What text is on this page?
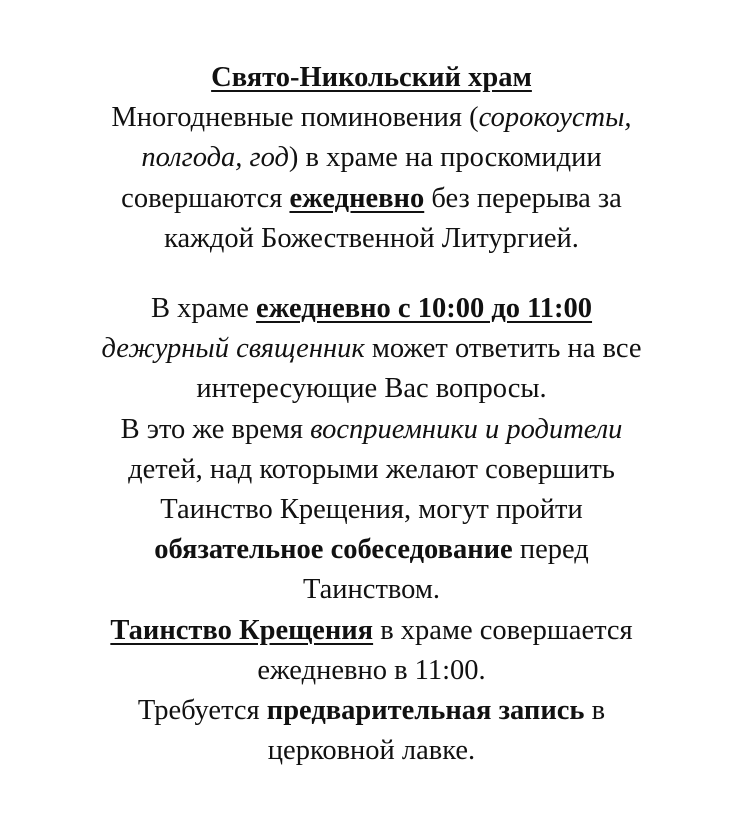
Свято-Никольский храм
Многодневные поминовения (сорокоусты,
полгода, год) в храме на проскомидии
совершаются ежедневно без перерыва за
каждой Божественной Литургией.
В храме ежедневно с 10:00 до 11:00
дежурный священник может ответить на все
интересующие Вас вопросы.
В это же время восприемники и родители
детей, над которыми желают совершить
Таинство Крещения, могут пройти
обязательное собеседование перед
Таинством.
Таинство Крещения в храме совершается
ежедневно в 11:00.
Требуется предварительная запись в
церковной лавке.
